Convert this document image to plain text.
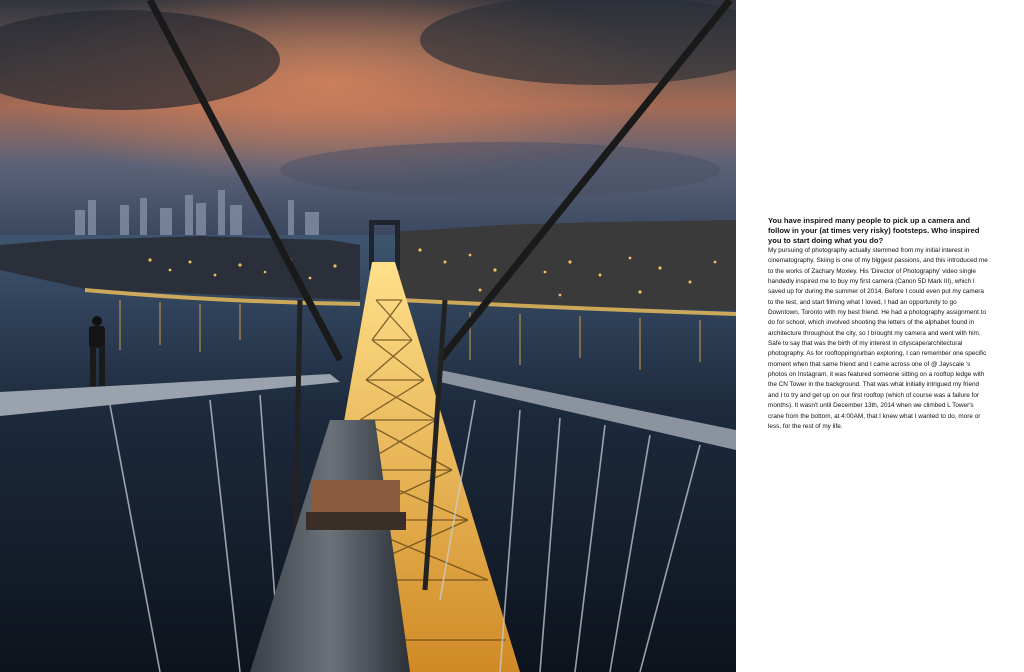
You have inspired many people to pick up a camera and follow in your (at times very risky) footsteps. Who inspired you to start doing what you do?

My pursuing of photography actually stemmed from my initial interest in cinematography. Skiing is one of my biggest passions, and this introduced me to the works of Zachary Moxley. His 'Director of Photography' video single handedly inspired me to buy my first camera (Canon 5D Mark III), which I saved up for during the summer of 2014. Before I could even put my camera to the test, and start filming what I loved, I had an opportunity to go Downtown, Toronto with my best friend. He had a photography assignment to do for school, which involved shooting the letters of the alphabet found in architecture throughout the city, so I brought my camera and went with him. Safe to say that was the birth of my interest in cityscape/architectural photography. As for rooftopping/urban exploring, I can remember one specific moment when that same friend and I came across one of @ Jayscale 's photos on Instagram, it was featured someone sitting on a rooftop ledge with the CN Tower in the background. That was what initially intrigued my friend and I to try and get up on our first rooftop (which of course was a failure for months). It wasn't until December 13th, 2014 when we climbed L Tower's crane from the bottom, at 4:00AM, that I knew what I wanted to do, more or less, for the rest of my life.
